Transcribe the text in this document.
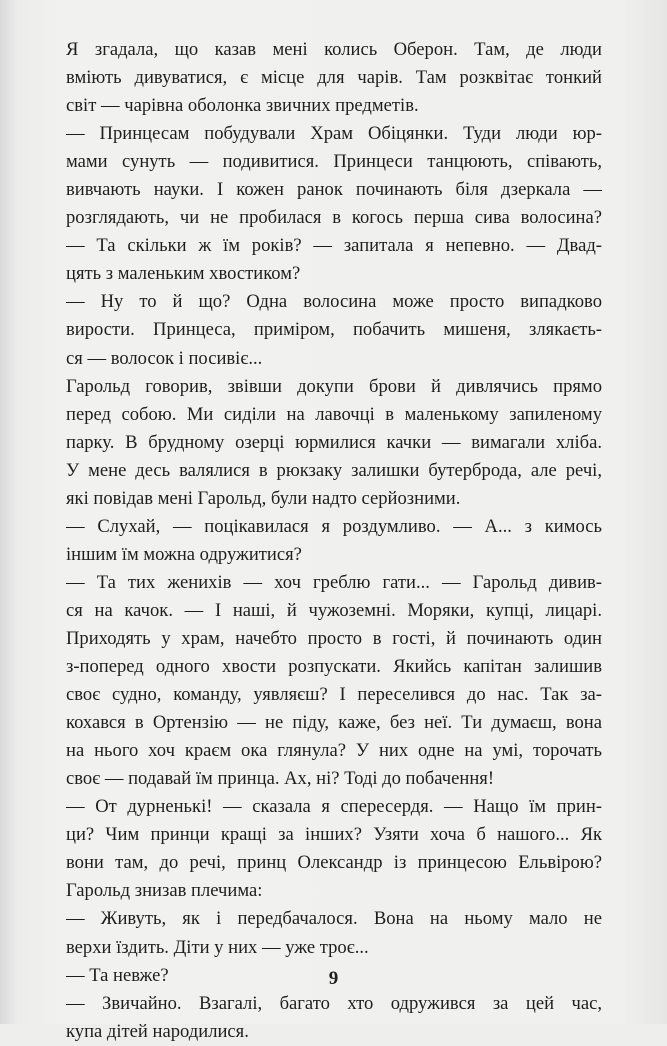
Я згадала, що казав мені колись Оберон. Там, де люди
вміють дивуватися, є місце для чарів. Там розквітає тонкий
світ — чарівна оболонка звичних предметів.
— Принцесам побудували Храм Обіцянки. Туди люди юр-
мами сунуть — подивитися. Принцеси танцюють, співають,
вивчають науки. І кожен ранок починають біля дзеркала —
розглядають, чи не пробилася в когось перша сива волосина?
— Та скільки ж їм років? — запитала я непевно. — Двад-
цять з маленьким хвостиком?
— Ну то й що? Одна волосина може просто випадково
вирости. Принцеса, приміром, побачить мишеня, злякаєть-
ся — волосок і посивіє...
Гарольд говорив, звівши докупи брови й дивлячись прямо
перед собою. Ми сиділи на лавочці в маленькому запиленому
парку. В брудному озерці юрмилися качки — вимагали хліба.
У мене десь валялися в рюкзаку залишки бутерброда, але речі,
які повідав мені Гарольд, були надто серйозними.
— Слухай, — поцікавилася я роздумливо. — А... з кимось
іншим їм можна одружитися?
— Та тих женихів — хоч греблю гати... — Гарольд дивив-
ся на качок. — І наші, й чужоземні. Моряки, купці, лицарі.
Приходять у храм, начебто просто в гості, й починають один
з-поперед одного хвости розпускати. Якийсь капітан залишив
своє судно, команду, уявляєш? І переселився до нас. Так за-
кохався в Ортензію — не піду, каже, без неї. Ти думаєш, вона
на нього хоч краєм ока глянула? У них одне на умі, торочать
своє — подавай їм принца. Ах, ні? Тоді до побачення!
— От дурненькі! — сказала я спересердя. — Нащо їм прин-
ци? Чим принци кращі за інших? Узяти хоча б нашого... Як
вони там, до речі, принц Олександр із принцесою Ельвірою?
Гарольд знизав плечима:
— Живуть, як і передбачалося. Вона на ньому мало не
верхи їздить. Діти у них — уже троє...
— Та невже?
— Звичайно. Взагалі, багато хто одружився за цей час,
купа дітей народилися.
9
